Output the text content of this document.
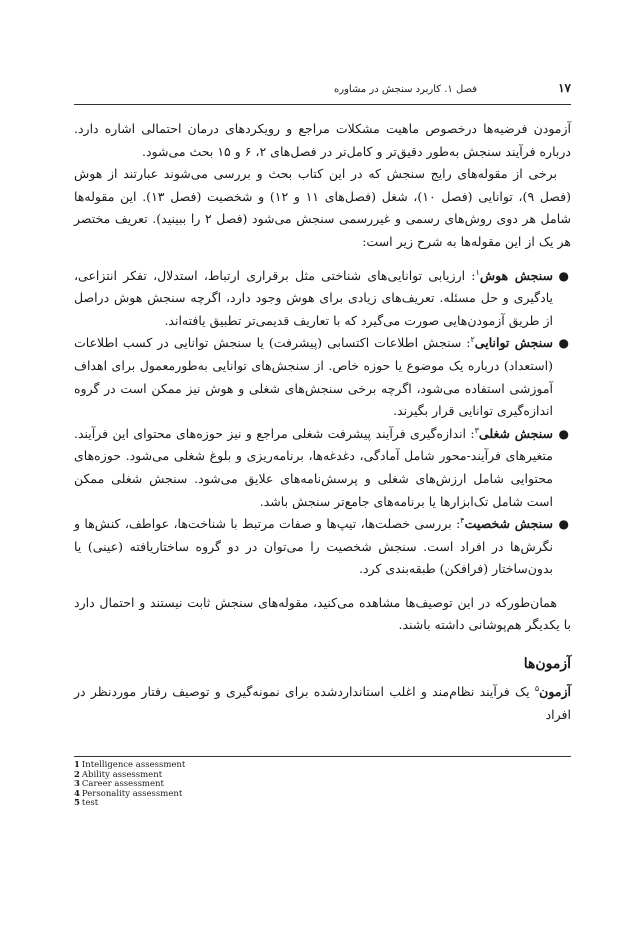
۱۷
فصل ۱. کاربرد سنجش در مشاوره

آزمودن فرضیه‌ها درخصوص ماهیت مشکلات مراجع و رویکردهای درمان احتمالی اشاره دارد. درباره فرآیند سنجش به‌طور دقیق‌تر و کامل‌تر در فصل‌های ۲، ۶ و ۱۵ بحث می‌شود.

برخی از مقوله‌های رایج سنجش که در این کتاب بحث و بررسی می‌شوند عبارتند از هوش (فصل ۹)، توانایی (فصل ۱۰)، شغل (فصل‌های ۱۱ و ۱۲) و شخصیت (فصل ۱۳). این مقوله‌ها شامل هر دوی روش‌های رسمی و غیررسمی سنجش می‌شود (فصل ۲ را ببینید). تعریف مختصر هر یک از این مقوله‌ها به شرح زیر است:

●

سنجش هوش$^۱$: ارزیابی توانایی‌های شناختی مثل برقراری ارتباط، استدلال، تفکر انتزاعی، یادگیری و حل مسئله. تعریف‌های زیادی برای هوش وجود دارد، اگرچه سنجش هوش دراصل از طریق آزمودن‌هایی صورت می‌گیرد که با تعاریف قدیمی‌تر تطبیق یافته‌اند.

●

سنجش توانایی$^۲$: سنجش اطلاعات اکتسابی (پیشرفت) یا سنجش توانایی در کسب اطلاعات (استعداد) درباره یک موضوع یا حوزه خاص. از سنجش‌های توانایی به‌طورمعمول برای اهداف آموزشی استفاده می‌شود، اگرچه برخی سنجش‌های شغلی و هوش نیز ممکن است در گروه اندازه‌گیری توانایی قرار بگیرند.

●

سنجش شغلی$^۳$: اندازه‌گیری فرآیند پیشرفت شغلی مراجع و نیز حوزه‌های محتوای این فرآیند. متغیرهای فرآیند-محور شامل آمادگی، دغدغه‌ها، برنامه‌ریزی و بلوغ شغلی می‌شود. حوزه‌های محتوایی شامل ارزش‌های شغلی و پرسش‌نامه‌های علایق می‌شود. سنجش شغلی ممکن است شامل تک‌ابزارها یا برنامه‌های جامع‌تر سنجش باشد.

●

سنجش شخصیت$^۴$: بررسی خصلت‌ها، تیپ‌ها و صفات مرتبط با شناخت‌ها، عواطف، کنش‌ها و نگرش‌ها در افراد است. سنجش شخصیت را می‌توان در دو گروه ساختاریافته (عینی) یا بدون‌ساختار (فرافکن) طبقه‌بندی کرد.

همان‌طورکه در این توصیف‌ها مشاهده می‌کنید، مقوله‌های سنجش ثابت نیستند و احتمال دارد با یکدیگر هم‌پوشانی داشته باشند.

آزمون‌ها

آزمون$^۵$ یک فرآیند نظام‌مند و اغلب استانداردشده برای نمونه‌گیری و توصیف رفتار موردنظر در افراد

1 Intelligence assessment
2 Ability assessment
3 Career assessment
4 Personality assessment
5 test
